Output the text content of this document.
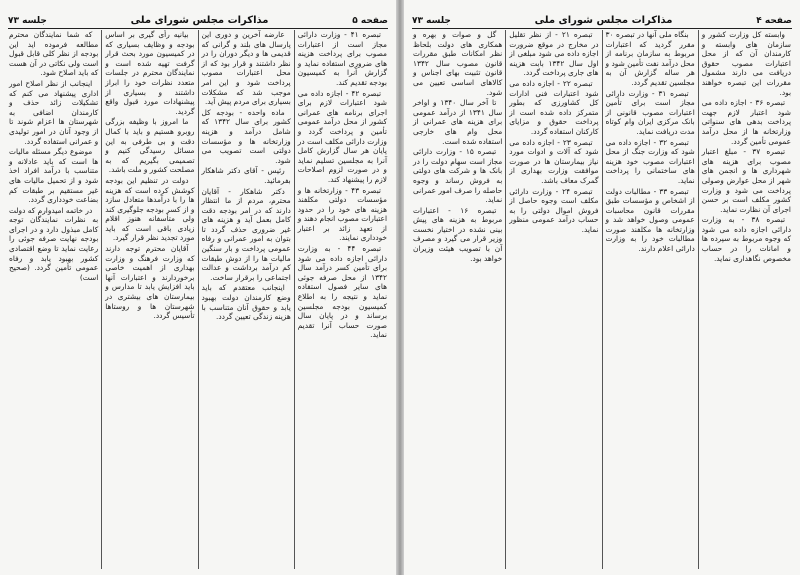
صفحه ۵
مذاکرات مجلس شورای ملی
جلسه ۷۳

تبصره ۴۱ - وزارت دارائی مجاز است از اعتبارات مصوب برای پرداخت هزینه های ضروری استفاده نماید و گزارش آنرا به کمیسیون بودجه تقدیم کند.

تبصره ۴۲ - اجازه داده می شود اعتبارات لازم برای اجرای برنامه های عمرانی کشور از محل درآمد عمومی تأمین و پرداخت گردد و وزارت دارائی مکلف است در پایان هر سال گزارش کامل آنرا به مجلسین تسلیم نماید و در صورت لزوم اصلاحات لازم را پیشنهاد کند.

تبصره ۴۳ - وزارتخانه ها و مؤسسات دولتی مکلفند هزینه های خود را در حدود اعتبارات مصوب انجام دهند و از تعهد زائد بر اعتبار خودداری نمایند.

تبصره ۴۴ - به وزارت دارائی اجازه داده می شود برای تأمین کسر درآمد سال ۱۳۴۲ از محل صرفه جوئی های سایر فصول استفاده نماید و نتیجه را به اطلاع کمیسیون بودجه مجلسین برساند و در پایان سال صورت حساب آنرا تقدیم نماید.

عارضه آخرین و دوری این پارسال های بلند و گرانی که قدیمی ها و دیگر دوران را در نظر داشتند و قرار بود که از محل اعتبارات مصوب پرداخت شود و این امر موجب شد که مشکلات بسیاری برای مردم پیش آید.

ماده واحده - بودجه کل کشور برای سال ۱۳۴۲ که شامل درآمد و هزینه وزارتخانه ها و مؤسسات دولتی است تصویب می شود.

رئیس - آقای دکتر شاهکار بفرمائید.

دکتر شاهکار - آقایان محترم، مردم از ما انتظار دارند که در امر بودجه دقت کامل بعمل آید و هزینه های غیر ضروری حذف گردد تا بتوان به امور عمرانی و رفاه عمومی پرداخت و بار سنگین مالیات ها را از دوش طبقات کم درآمد برداشت و عدالت اجتماعی را برقرار ساخت.

اینجانب معتقدم که باید وضع کارمندان دولت بهبود یابد و حقوق آنان متناسب با هزینه زندگی تعیین گردد.

بیانیه رأی گیری بر اساس بودجه و وظایف بسیاری که در کمیسیون مورد بحث قرار گرفت تهیه شده است و نمایندگان محترم در جلسات متعدد نظرات خود را ابراز داشتند و بسیاری از پیشنهادات مورد قبول واقع گردید.

ما امروز با وظیفه بزرگی روبرو هستیم و باید با کمال دقت و بی طرفی به این مسائل رسیدگی کنیم و تصمیمی بگیریم که به مصلحت کشور و ملت باشد.

دولت در تنظیم این بودجه کوشش کرده است که هزینه ها را با درآمدها متعادل سازد و از کسر بودجه جلوگیری کند ولی متأسفانه هنوز اقلام زیادی باقی است که باید مورد تجدید نظر قرار گیرد.

آقایان محترم توجه دارند که وزارت فرهنگ و وزارت بهداری از اهمیت خاصی برخوردارند و اعتبارات آنها باید افزایش یابد تا مدارس و بیمارستان های بیشتری در شهرستان ها و روستاها تأسیس گردد.

که شما نمایندگان محترم مطالعه فرموده اید این بودجه از نظر کلی قابل قبول است ولی نکاتی در آن هست که باید اصلاح شود.

اینجانب از نظر اصلاح امور اداری پیشنهاد می کنم که تشکیلات زائد حذف و کارمندان اضافی به شهرستان ها اعزام شوند تا از وجود آنان در امور تولیدی و عمرانی استفاده گردد.

موضوع دیگر مسئله مالیات ها است که باید عادلانه و متناسب با درآمد افراد اخذ شود و از تحمیل مالیات های غیر مستقیم بر طبقات کم بضاعت خودداری گردد.

در خاتمه امیدوارم که دولت به نظرات نمایندگان توجه کامل مبذول دارد و در اجرای بودجه نهایت صرفه جوئی را رعایت نماید تا وضع اقتصادی کشور بهبود یابد و رفاه عمومی تأمین گردد. (صحیح است)

صفحه ۴
مذاکرات مجلس شورای ملی
جلسه ۷۳

وابسته کل وزارت کشور و سازمان های وابسته و کارمندان آن که از محل اعتبارات مصوب حقوق دریافت می دارند مشمول مقررات این تبصره خواهند بود.

تبصره ۳۶ - اجازه داده می شود اعتبار لازم جهت پرداخت بدهی های سنواتی وزارتخانه ها از محل درآمد عمومی تأمین گردد.

تبصره ۳۷ - مبلغ اعتبار مصوب برای هزینه های شهرداری ها و انجمن های شهر از محل عوارض وصولی پرداخت می شود و وزارت کشور مکلف است بر حسن اجرای آن نظارت نماید.

تبصره ۳۸ - به وزارت دارائی اجازه داده می شود که وجوه مربوط به سپرده ها و امانات را در حساب مخصوص نگاهداری نماید.

بنگاه ملی آنها در تبصره ۳۰ مقرر گردید که اعتبارات مربوط به سازمان برنامه از محل درآمد نفت تأمین شود و هر ساله گزارش آن به مجلسین تقدیم گردد.

تبصره ۳۱ - وزارت دارائی مجاز است برای تأمین اعتبارات مصوب قانونی از بانک مرکزی ایران وام کوتاه مدت دریافت نماید.

تبصره ۳۲ - اجازه داده می شود که وزارت جنگ از محل اعتبارات مصوب خود هزینه های ساختمانی را پرداخت نماید.

تبصره ۳۳ - مطالبات دولت از اشخاص و مؤسسات طبق مقررات قانون محاسبات عمومی وصول خواهد شد و وزارتخانه ها مکلفند صورت مطالبات خود را به وزارت دارائی اعلام دارند.

تبصره ۲۱ - از نظر تقلیل در مخارج در موقع ضرورت اجازه داده می شود مبلغی از اول سال ۱۳۴۲ بابت هزینه های جاری پرداخت گردد.

تبصره ۲۲ - اجازه داده می شود اعتبارات فنی ادارات کل کشاورزی که بطور متمرکز داده شده است از پرداخت حقوق و مزایای کارکنان استفاده گردد.

تبصره ۲۳ - اجازه داده می شود که آلات و ادوات مورد نیاز بیمارستان ها در صورت موافقت وزارت بهداری از گمرک معاف باشد.

تبصره ۲۴ - وزارت دارائی مکلف است وجوه حاصل از فروش اموال دولتی را به حساب درآمد عمومی منظور نماید.

گل و صوات و بهره و همکاری های دولت بلحاظ نظر امکانات طبق مقررات قانون مصوب سال ۱۳۴۲ قانون تثبیت بهای اجناس و کالاهای اساسی تعیین می شود.

تا آخر سال ۱۳۴۰ و اواخر سال ۱۳۴۱ از درآمد عمومی برای هزینه های عمرانی از محل وام های خارجی استفاده شده است.

تبصره ۱۵ - وزارت دارائی مجاز است سهام دولت را در بانک ها و شرکت های دولتی به فروش رساند و وجوه حاصله را صرف امور عمرانی نماید.

تبصره ۱۶ - اعتبارات مربوط به هزینه های پیش بینی نشده در اختیار نخست وزیر قرار می گیرد و مصرف آن با تصویب هیئت وزیران خواهد بود.
